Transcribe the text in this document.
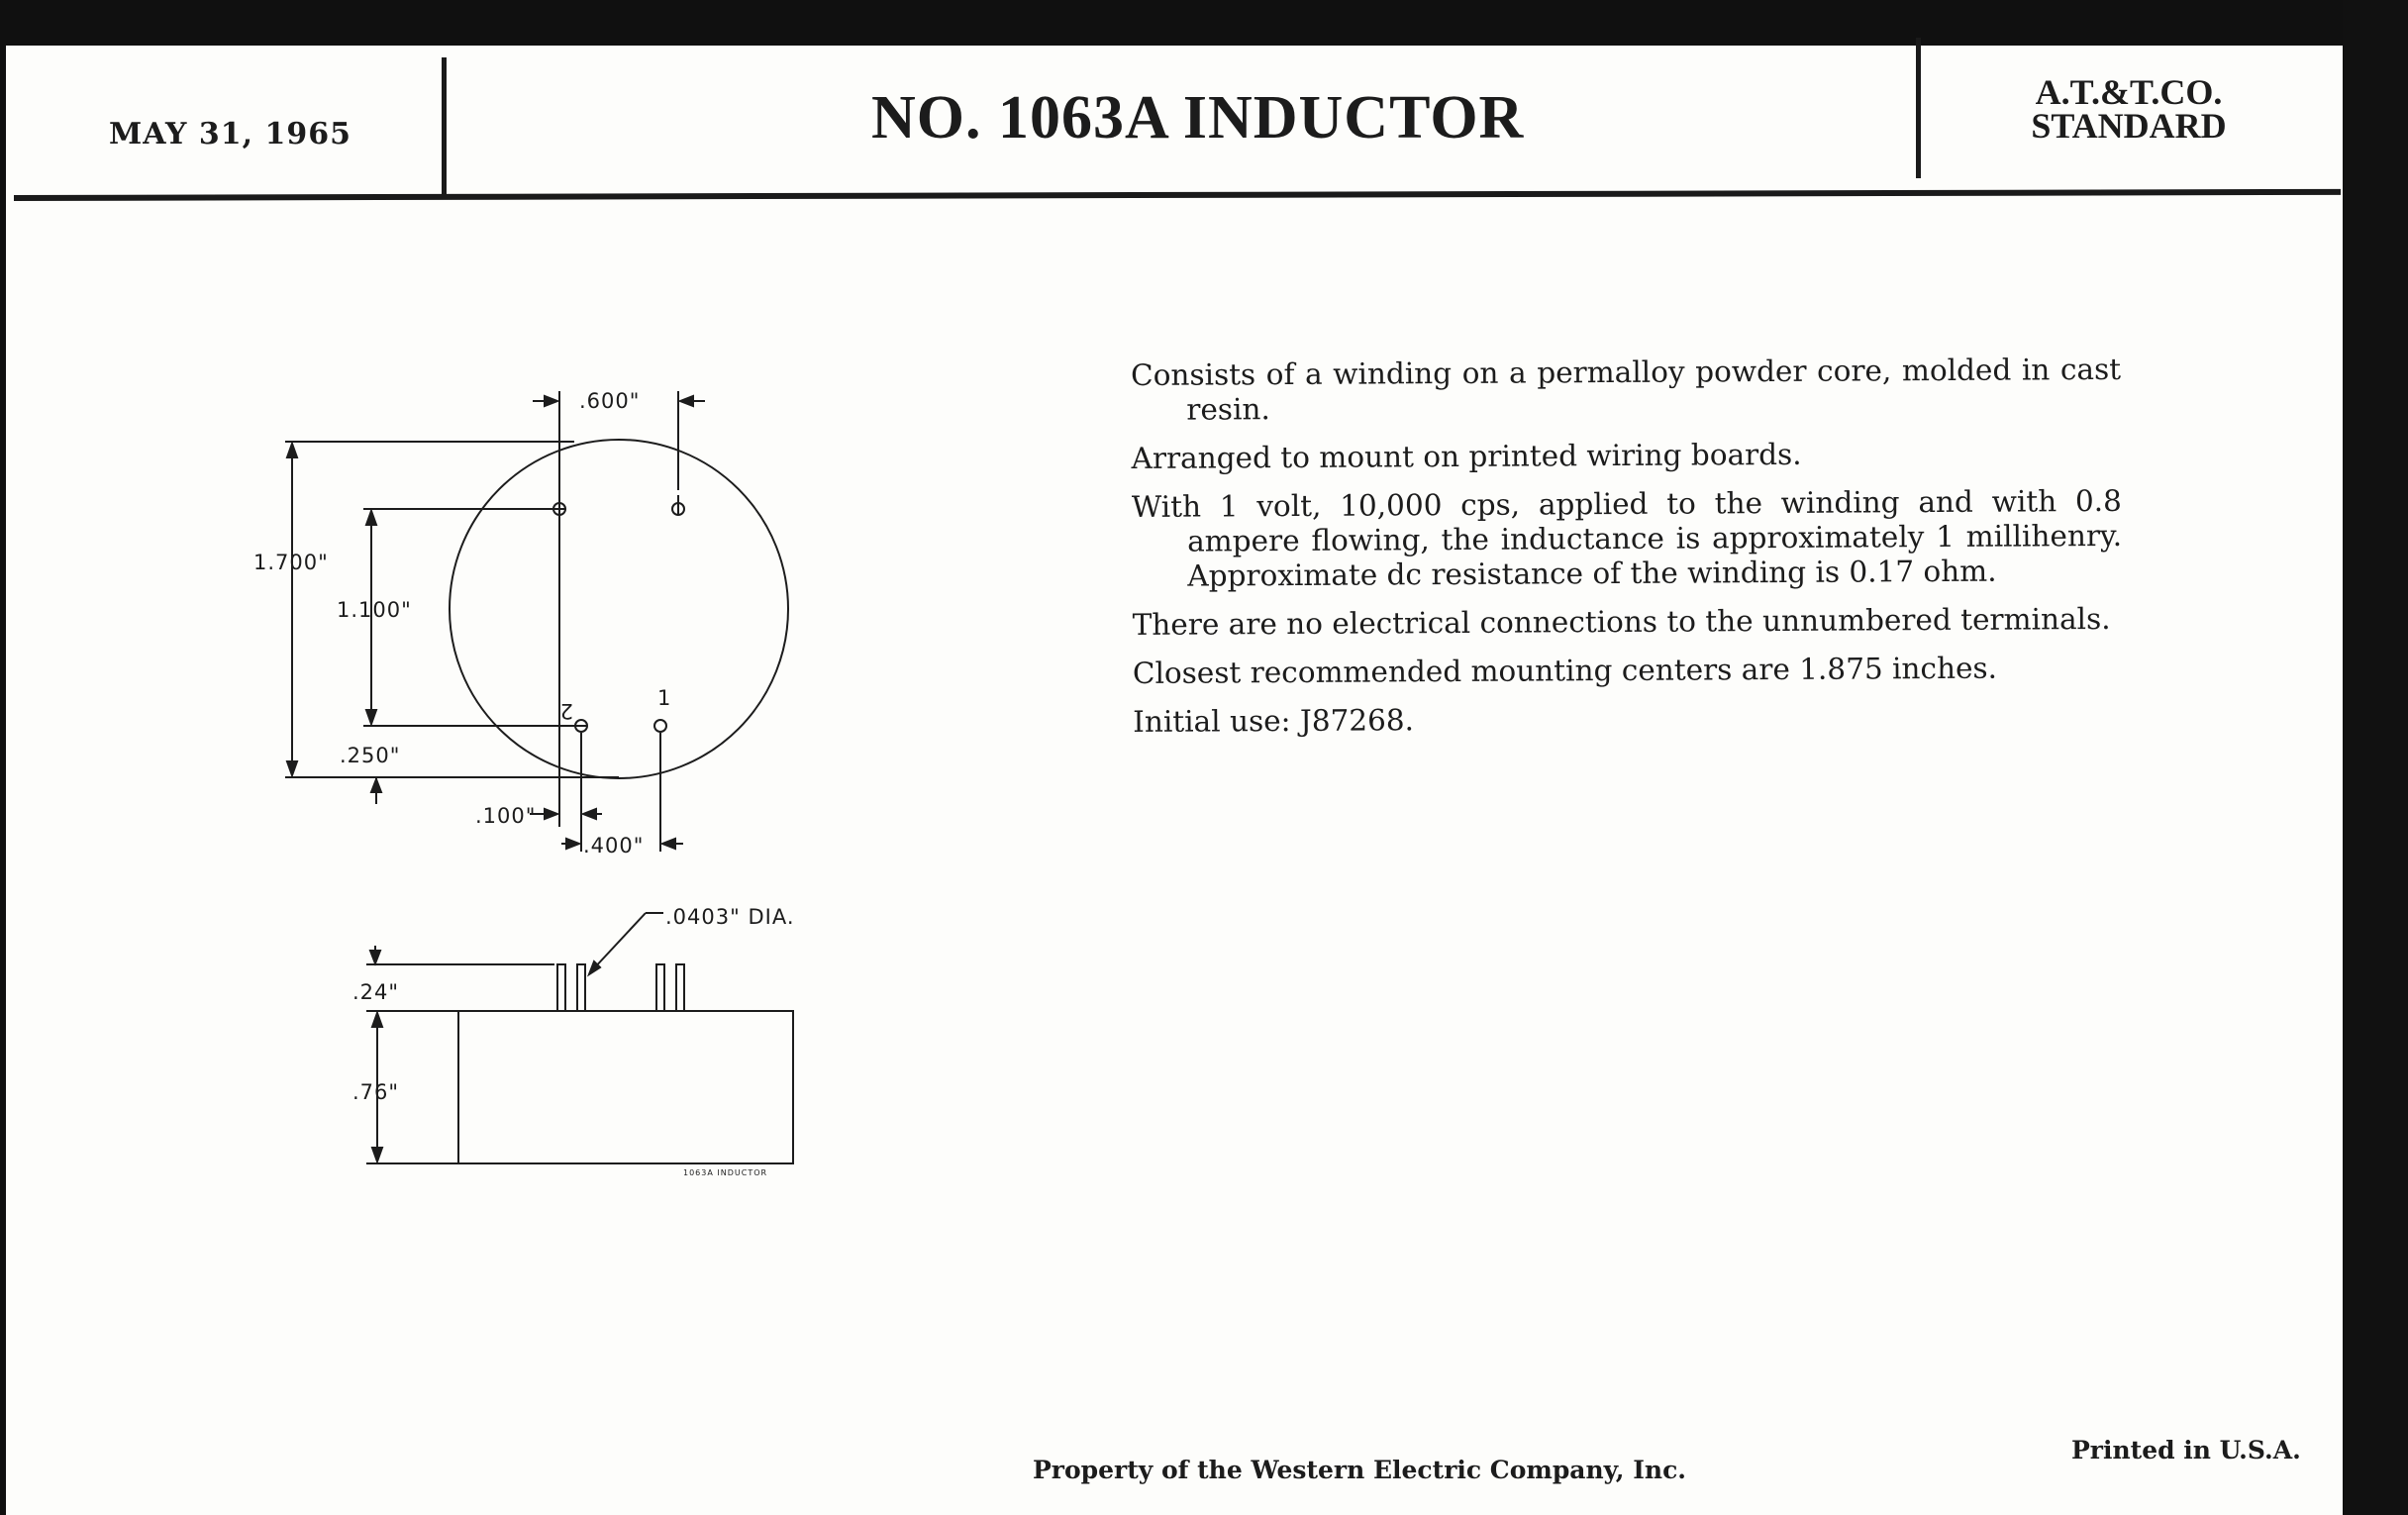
MAY 31, 1965	NO. 1063A INDUCTOR	A.T.&T.CO.
STANDARD
.600"
1.700"
1.100"
.250"
.100"
.400"
1
2
.0403" DIA.
.24"
.76"
1063A INDUCTOR

Consists of a winding on a permalloy powder core, molded in cast resin.

Arranged to mount on printed wiring boards.

With 1 volt, 10,000 cps, applied to the winding and with 0.8 ampere flowing, the inductance is approximately 1 millihenry. Approximate dc resistance of the winding is 0.17 ohm.

There are no electrical connections to the unnumbered terminals.

Closest recommended mounting centers are 1.875 inches.

Initial use: J87268.

Property of the Western Electric Company, Inc.
Printed in U.S.A.
